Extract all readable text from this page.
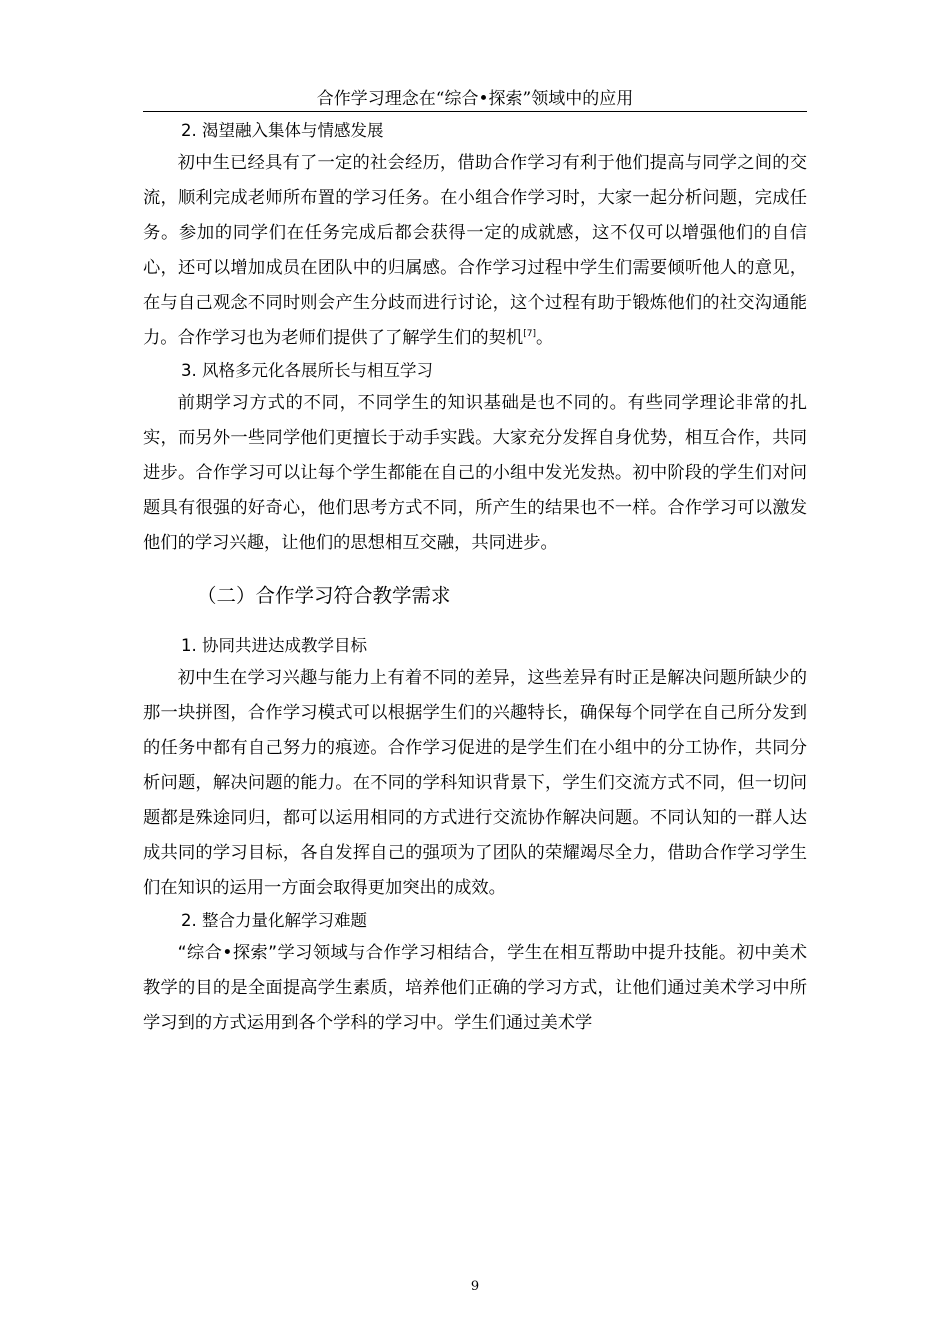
合作学习理念在“综合•探索”领域中的应用
2. 渴望融入集体与情感发展
初中生已经具有了一定的社会经历，借助合作学习有利于他们提高与同学之间的交流，顺利完成老师所布置的学习任务。在小组合作学习时，大家一起分析问题，完成任务。参加的同学们在任务完成后都会获得一定的成就感，这不仅可以增强他们的自信心，还可以增加成员在团队中的归属感。合作学习过程中学生们需要倾听他人的意见，在与自己观念不同时则会产生分歧而进行讨论，这个过程有助于锻炼他们的社交沟通能力。合作学习也为老师们提供了了解学生们的契机[7]。
3. 风格多元化各展所长与相互学习
前期学习方式的不同，不同学生的知识基础是也不同的。有些同学理论非常的扎实，而另外一些同学他们更擅长于动手实践。大家充分发挥自身优势，相互合作，共同进步。合作学习可以让每个学生都能在自己的小组中发光发热。初中阶段的学生们对问题具有很强的好奇心，他们思考方式不同，所产生的结果也不一样。合作学习可以激发他们的学习兴趣，让他们的思想相互交融，共同进步。
（二）合作学习符合教学需求
1. 协同共进达成教学目标
初中生在学习兴趣与能力上有着不同的差异，这些差异有时正是解决问题所缺少的那一块拼图，合作学习模式可以根据学生们的兴趣特长，确保每个同学在自己所分发到的任务中都有自己努力的痕迹。合作学习促进的是学生们在小组中的分工协作，共同分析问题，解决问题的能力。在不同的学科知识背景下，学生们交流方式不同，但一切问题都是殊途同归，都可以运用相同的方式进行交流协作解决问题。不同认知的一群人达成共同的学习目标，各自发挥自己的强项为了团队的荣耀竭尽全力，借助合作学习学生们在知识的运用一方面会取得更加突出的成效。
2. 整合力量化解学习难题
“综合•探索”学习领域与合作学习相结合，学生在相互帮助中提升技能。初中美术教学的目的是全面提高学生素质，培养他们正确的学习方式，让他们通过美术学习中所学习到的方式运用到各个学科的学习中。学生们通过美术学
9
